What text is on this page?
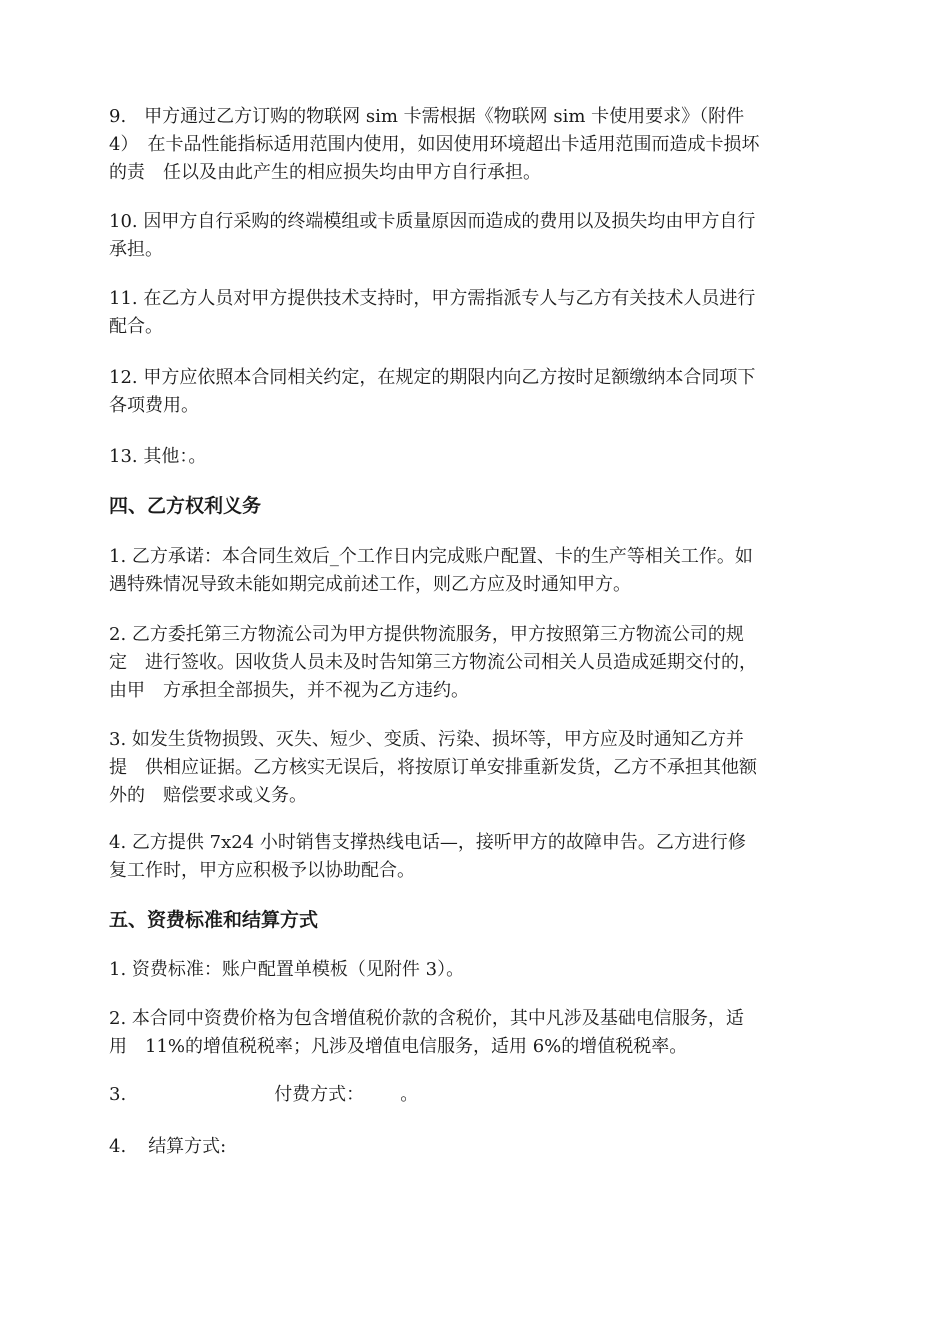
9.　甲方通过乙方订购的物联网 sim 卡需根据《物联网 sim 卡使用要求》（附件
4）　在卡品性能指标适用范围内使用，如因使用环境超出卡适用范围而造成卡损坏
的责　任以及由此产生的相应损失均由甲方自行承担。
10. 因甲方自行采购的终端模组或卡质量原因而造成的费用以及损失均由甲方自行
承担。
11. 在乙方人员对甲方提供技术支持时，甲方需指派专人与乙方有关技术人员进行
配合。
12. 甲方应依照本合同相关约定，在规定的期限内向乙方按时足额缴纳本合同项下
各项费用。
13. 其他：。
四、乙方权利义务
1. 乙方承诺：本合同生效后_个工作日内完成账户配置、卡的生产等相关工作。如
遇特殊情况导致未能如期完成前述工作，则乙方应及时通知甲方。
2. 乙方委托第三方物流公司为甲方提供物流服务，甲方按照第三方物流公司的规
定　进行签收。因收货人员未及时告知第三方物流公司相关人员造成延期交付的，
由甲　方承担全部损失，并不视为乙方违约。
3. 如发生货物损毁、灭失、短少、变质、污染、损坏等，甲方应及时通知乙方并
提　供相应证据。乙方核实无误后，将按原订单安排重新发货，乙方不承担其他额
外的　赔偿要求或义务。
4. 乙方提供 7x24 小时销售支撑热线电话—，接听甲方的故障申告。乙方进行修
复工作时，甲方应积极予以协助配合。
五、资费标准和结算方式
1. 资费标准：账户配置单模板（见附件 3）。
2. 本合同中资费价格为包含增值税价款的含税价，其中凡涉及基础电信服务，适
用　11%的增值税税率；凡涉及增值电信服务，适用 6%的增值税税率。
3.	付费方式： 。
4. 结算方式:
